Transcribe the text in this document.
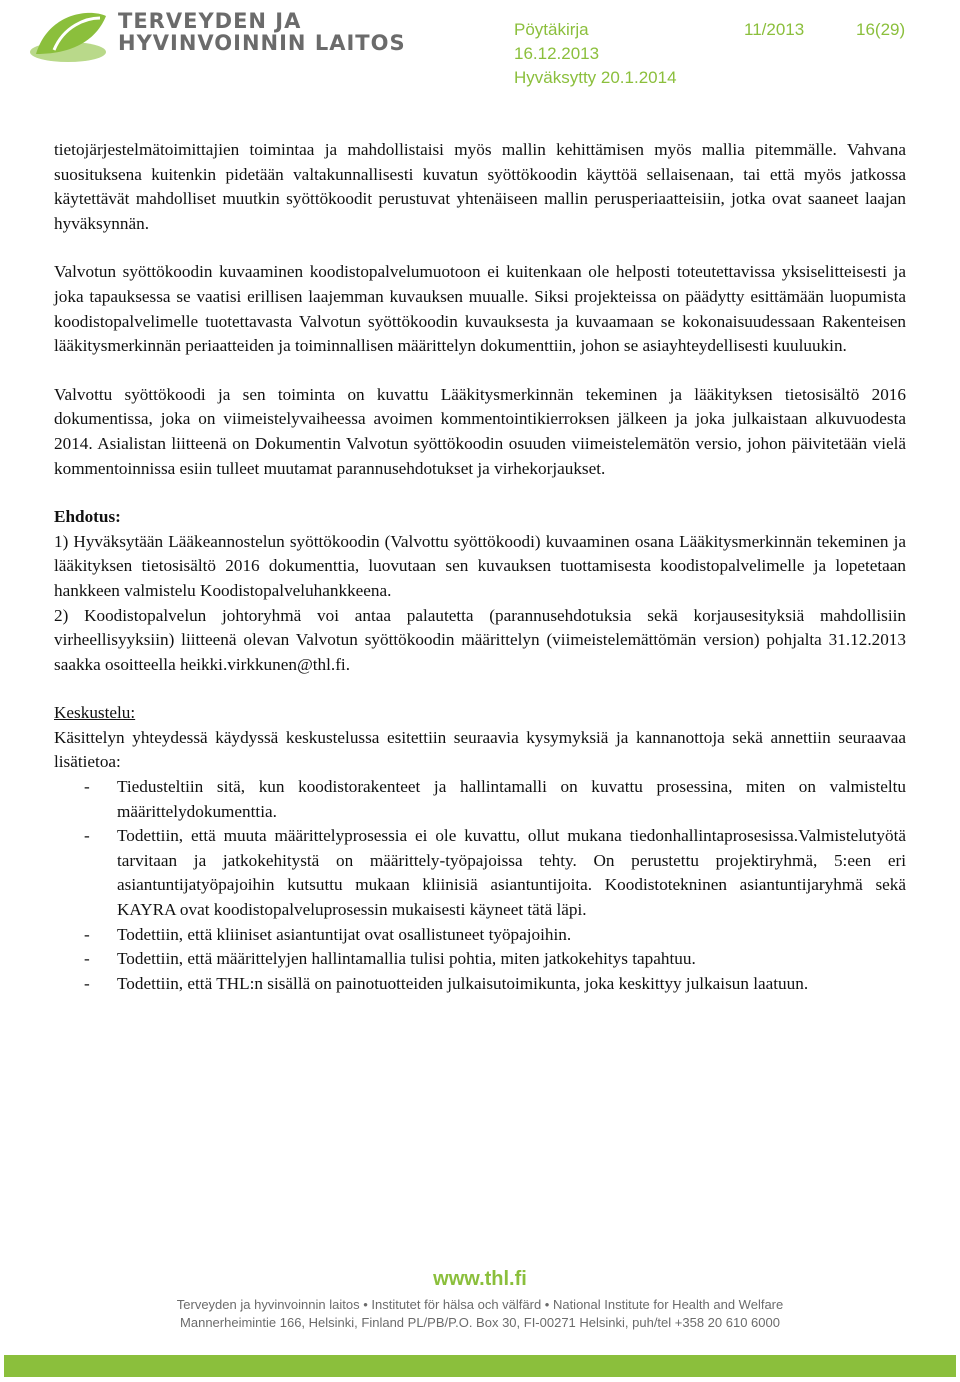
TERVEYDEN JA
HYVINVOINNIN LAITOS
Pöytäkirja
16.12.2013
Hyväksytty 20.1.2014
11/2013	16(29)

tietojärjestelmätoimittajien toimintaa ja mahdollistaisi myös mallin kehittämisen myös mallia pitemmälle. Vahvana suosituksena kuitenkin pidetään valtakunnallisesti kuvatun syöttökoodin käyttöä sellaisenaan, tai että myös jatkossa käytettävät mahdolliset muutkin syöttökoodit perustuvat yhtenäiseen mallin perusperiaatteisiin, jotka ovat saaneet laajan hyväksynnän.

Valvotun syöttökoodin kuvaaminen koodistopalvelumuotoon ei kuitenkaan ole helposti toteutettavissa yksiselitteisesti ja joka tapauksessa se vaatisi erillisen laajemman kuvauksen muualle. Siksi projekteissa on päädytty esittämään luopumista koodistopalvelimelle tuotettavasta Valvotun syöttökoodin kuvauksesta ja kuvaamaan se kokonaisuudessaan Rakenteisen lääkitysmerkinnän periaatteiden ja toiminnallisen määrittelyn dokumenttiin, johon se asiayhteydellisesti kuuluukin.

Valvottu syöttökoodi ja sen toiminta on kuvattu Lääkitysmerkinnän tekeminen ja lääkityksen tietosisältö 2016 dokumentissa, joka on viimeistelyvaiheessa avoimen kommentointikierroksen jälkeen ja joka julkaistaan alkuvuodesta 2014. Asialistan liitteenä on Dokumentin Valvotun syöttökoodin osuuden viimeistelemätön versio, johon päivitetään vielä kommentoinnissa esiin tulleet muutamat parannusehdotukset ja virhekorjaukset.

Ehdotus:

1) Hyväksytään Lääkeannostelun syöttökoodin (Valvottu syöttökoodi) kuvaaminen osana Lääkitysmerkinnän tekeminen ja lääkityksen tietosisältö 2016 dokumenttia, luovutaan sen kuvauksen tuottamisesta koodistopalvelimelle ja lopetetaan hankkeen valmistelu Koodistopalveluhankkeena.

2) Koodistopalvelun johtoryhmä voi antaa palautetta (parannusehdotuksia sekä korjausesityksiä mahdollisiin virheellisyyksiin) liitteenä olevan Valvotun syöttökoodin määrittelyn (viimeistelemättömän version) pohjalta 31.12.2013 saakka osoitteella heikki.virkkunen@thl.fi.

Keskustelu:

Käsittelyn yhteydessä käydyssä keskustelussa esitettiin seuraavia kysymyksiä ja kannanottoja sekä annettiin seuraavaa lisätietoa:

- Tiedusteltiin sitä, kun koodistorakenteet ja hallintamalli on kuvattu prosessina, miten on valmisteltu määrittelydokumenttia.
- Todettiin, että muuta määrittelyprosessia ei ole kuvattu, ollut mukana tiedonhallintaprosesissa.Valmistelutyötä tarvitaan ja jatkokehitystä on määrittely-työpajoissa tehty. On perustettu projektiryhmä, 5:een eri asiantuntijatyöpajoihin kutsuttu mukaan kliinisiä asiantuntijoita. Koodistotekninen asiantuntijaryhmä sekä KAYRA ovat koodistopalveluprosessin mukaisesti käyneet tätä läpi.
- Todettiin, että kliiniset asiantuntijat ovat osallistuneet työpajoihin.
- Todettiin, että määrittelyjen hallintamallia tulisi pohtia, miten jatkokehitys tapahtuu.
- Todettiin, että THL:n sisällä on painotuotteiden julkaisutoimikunta, joka keskittyy julkaisun laatuun.
www.thl.fi
Terveyden ja hyvinvoinnin laitos • Institutet för hälsa och välfärd • National Institute for Health and Welfare
Mannerheimintie 166, Helsinki, Finland PL/PB/P.O. Box 30, FI-00271 Helsinki, puh/tel +358 20 610 6000
